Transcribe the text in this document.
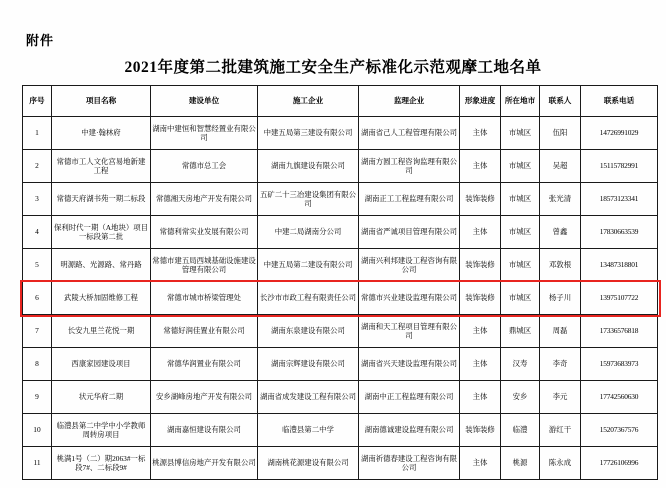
附件
2021年度第二批建筑施工安全生产标准化示范观摩工地名单
序号	项目名称	建设单位	施工企业	监理企业	形象进度	所在地市	联系人	联系电话
1	中建·翰林府	湖南中建恒和智慧经置业有限公司	中建五局第三建设有限公司	湖南省己人工程管理有限公司	主体	市城区	伍阳	14726991029
2	常德市工人文化宫易地新建工程	常德市总工会	湖南九旗建设有限公司	湖南方圆工程咨询监理有限公司	主体	市城区	吴超	15115782991
3	常德天府湖书苑一期二标段	常德湘天房地产开发有限公司	五矿二十三冶建设集团有限公司	湖南正工工程监理有限公司	装饰装修	市城区	张光清	18573123341
4	保利时代一期（A地块）项目一标段第二批	常德利常实业发展有限公司	中建二局湖南分公司	湖南省严诚项目管理有限公司	主体	市城区	曾鑫	17830663539
5	明源路、光源路、常丹路	常德市建五局西城基础设施建设管理有限公司	中建五局第二建设有限公司	湖南兴利邦建设工程咨询有限公司	装饰装修	市城区	邓敦根	13487318801
6	武陵大桥加固维修工程	常德市城市桥梁管理处	长沙市市政工程有限责任公司	常德市兴业建设监理有限公司	装饰装修	市城区	杨子川	13975107722
7	长安九里兰花悦一期	常德好润佳置业有限公司	湖南东泉建设有限公司	湖南和天工程项目管理有限公司	主体	鼎城区	周磊	17336576818
8	西康家园建设项目	常德华润置业有限公司	湖南宗辉建设有限公司	湖南省兴天建设监理有限公司	主体	汉寿	李奇	15973683973
9	状元华府二期	安乡湖峰房地产开发有限公司	湖南省成发建设工程有限公司	湖南中正工程监理有限公司	主体	安乡	李元	17742560630
10	临澧县第二中学中小学教师周转房项目	湖南嘉恒建设有限公司	临澧县第二中学	湖南德诚建设监理有限公司	装饰装修	临澧	游红干	15207367576
11	桃满1号（二）期2063#一标段7#、二标段9#	桃源县博信房地产开发有限公司	湖南桃花源建设有限公司	湖南祈德春建设工程咨询有限公司	主体	桃源	陈永成	17726106996
